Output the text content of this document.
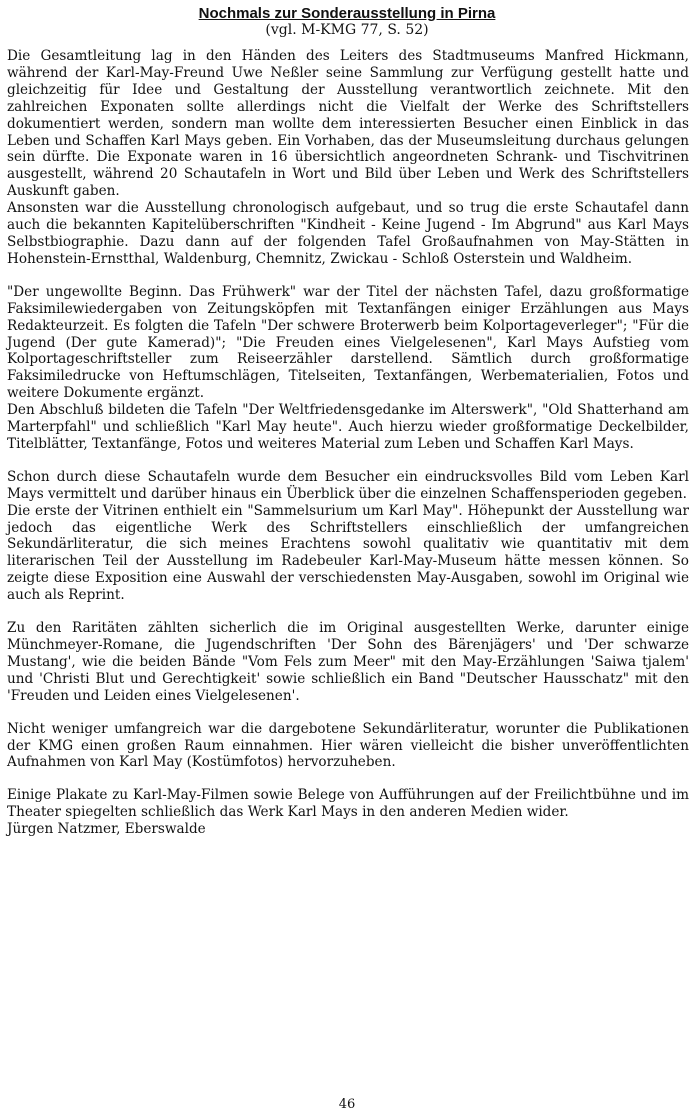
Nochmals zur Sonderausstellung in Pirna
(vgl. M-KMG 77, S. 52)

Die Gesamtleitung lag in den Händen des Leiters des Stadtmuseums Manfred Hickmann, während der Karl-May-Freund Uwe Neßler seine Sammlung zur Verfügung gestellt hatte und gleichzeitig für Idee und Gestaltung der Ausstellung verantwortlich zeichnete. Mit den zahlreichen Exponaten sollte allerdings nicht die Vielfalt der Werke des Schriftstellers dokumentiert werden, sondern man wollte dem interessierten Besucher einen Einblick in das Leben und Schaffen Karl Mays geben. Ein Vorhaben, das der Museumsleitung durchaus gelungen sein dürfte. Die Exponate waren in 16 übersichtlich angeordneten Schrank- und Tischvitrinen ausgestellt, während 20 Schautafeln in Wort und Bild über Leben und Werk des Schriftstellers Auskunft gaben.

Ansonsten war die Ausstellung chronologisch aufgebaut, und so trug die erste Schautafel dann auch die bekannten Kapitelüberschriften "Kindheit - Keine Jugend - Im Abgrund" aus Karl Mays Selbstbiographie. Dazu dann auf der folgenden Tafel Großaufnahmen von May-Stätten in Hohenstein-Ernstthal, Waldenburg, Chemnitz, Zwickau - Schloß Osterstein und Waldheim.

"Der ungewollte Beginn. Das Frühwerk" war der Titel der nächsten Tafel, dazu großformatige Faksimilewiedergaben von Zeitungsköpfen mit Textanfängen einiger Erzählungen aus Mays Redakteurzeit. Es folgten die Tafeln "Der schwere Broterwerb beim Kolportageverleger"; "Für die Jugend (Der gute Kamerad)"; "Die Freuden eines Vielgelesenen", Karl Mays Aufstieg vom Kolportageschriftsteller zum Reiseerzähler darstellend. Sämtlich durch großformatige Faksimiledrucke von Heftumschlägen, Titelseiten, Textanfängen, Werbematerialien, Fotos und weitere Dokumente ergänzt.

Den Abschluß bildeten die Tafeln "Der Weltfriedensgedanke im Alterswerk", "Old Shatterhand am Marterpfahl" und schließlich "Karl May heute". Auch hierzu wieder großformatige Deckelbilder, Titelblätter, Textanfänge, Fotos und weiteres Material zum Leben und Schaffen Karl Mays.

Schon durch diese Schautafeln wurde dem Besucher ein eindrucksvolles Bild vom Leben Karl Mays vermittelt und darüber hinaus ein Überblick über die einzelnen Schaffensperioden gegeben.

Die erste der Vitrinen enthielt ein "Sammelsurium um Karl May". Höhepunkt der Ausstellung war jedoch das eigentliche Werk des Schriftstellers einschließlich der umfangreichen Sekundärliteratur, die sich meines Erachtens sowohl qualitativ wie quantitativ mit dem literarischen Teil der Ausstellung im Radebeuler Karl-May-Museum hätte messen können. So zeigte diese Exposition eine Auswahl der verschiedensten May-Ausgaben, sowohl im Original wie auch als Reprint.

Zu den Raritäten zählten sicherlich die im Original ausgestellten Werke, darunter einige Münchmeyer-Romane, die Jugendschriften 'Der Sohn des Bärenjägers' und 'Der schwarze Mustang', wie die beiden Bände "Vom Fels zum Meer" mit den May-Erzählungen 'Saiwa tjalem' und 'Christi Blut und Gerechtigkeit' sowie schließlich ein Band "Deutscher Hausschatz" mit den 'Freuden und Leiden eines Vielgelesenen'.

Nicht weniger umfangreich war die dargebotene Sekundärliteratur, worunter die Publikationen der KMG einen großen Raum einnahmen. Hier wären vielleicht die bisher unveröffentlichten Aufnahmen von Karl May (Kostümfotos) hervorzuheben.

Einige Plakate zu Karl-May-Filmen sowie Belege von Aufführungen auf der Freilichtbühne und im Theater spiegelten schließlich das Werk Karl Mays in den anderen Medien wider.

Jürgen Natzmer, Eberswalde

46
